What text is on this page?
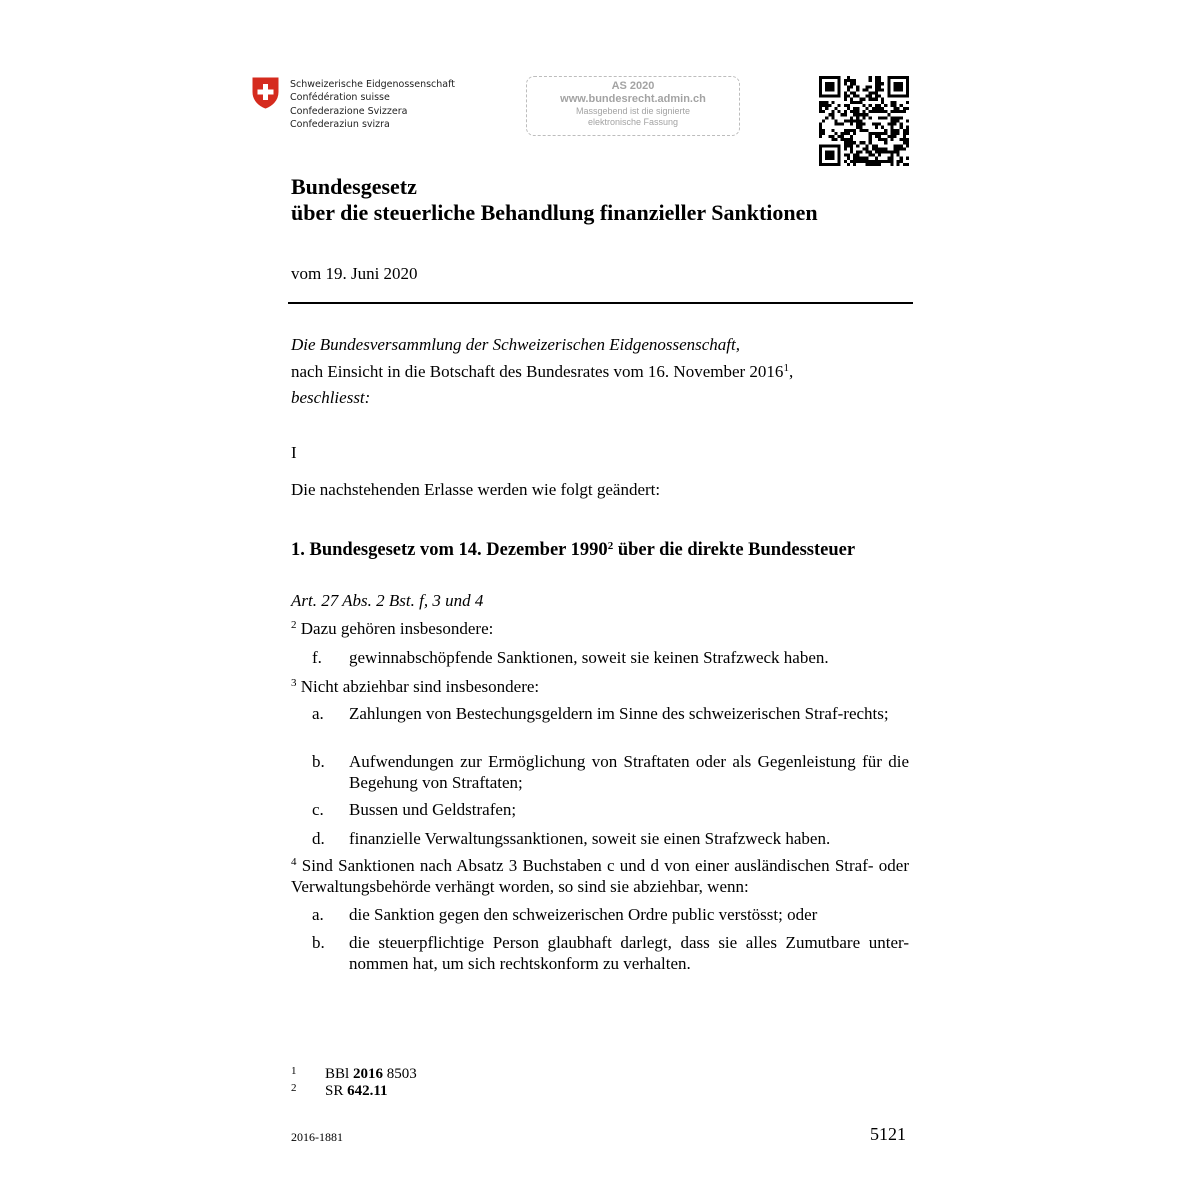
Schweizerische Eidgenossenschaft
Confédération suisse
Confederazione Svizzera
Confederaziun svizra
AS 2020
www.bundesrecht.admin.ch
Massgebend ist die signierte
elektronische Fassung
Bundesgesetz
über die steuerliche Behandlung finanzieller Sanktionen
vom 19. Juni 2020
Die Bundesversammlung der Schweizerischen Eidgenossenschaft,
nach Einsicht in die Botschaft des Bundesrates vom 16. November 2016$^1$,
beschliesst:
I
Die nachstehenden Erlasse werden wie folgt geändert:
1. Bundesgesetz vom 14. Dezember 1990$^2$ über die direkte Bundessteuer
Art. 27 Abs. 2 Bst. f, 3 und 4
$^2$ Dazu gehören insbesondere:
f. gewinnabschöpfende Sanktionen, soweit sie keinen Strafzweck haben.
$^3$ Nicht abziehbar sind insbesondere:
a. Zahlungen von Bestechungsgeldern im Sinne des schweizerischen Straf-rechts;
b. Aufwendungen zur Ermöglichung von Straftaten oder als Gegenleistung für die Begehung von Straftaten;
c. Bussen und Geldstrafen;
d. finanzielle Verwaltungssanktionen, soweit sie einen Strafzweck haben.
$^4$ Sind Sanktionen nach Absatz 3 Buchstaben c und d von einer ausländischen Straf- oder Verwaltungsbehörde verhängt worden, so sind sie abziehbar, wenn:
a. die Sanktion gegen den schweizerischen Ordre public verstösst; oder
b. die steuerpflichtige Person glaubhaft darlegt, dass sie alles Zumutbare unter-nommen hat, um sich rechtskonform zu verhalten.
1 BBl 2016 8503
2 SR 642.11
2016-1881	5121
